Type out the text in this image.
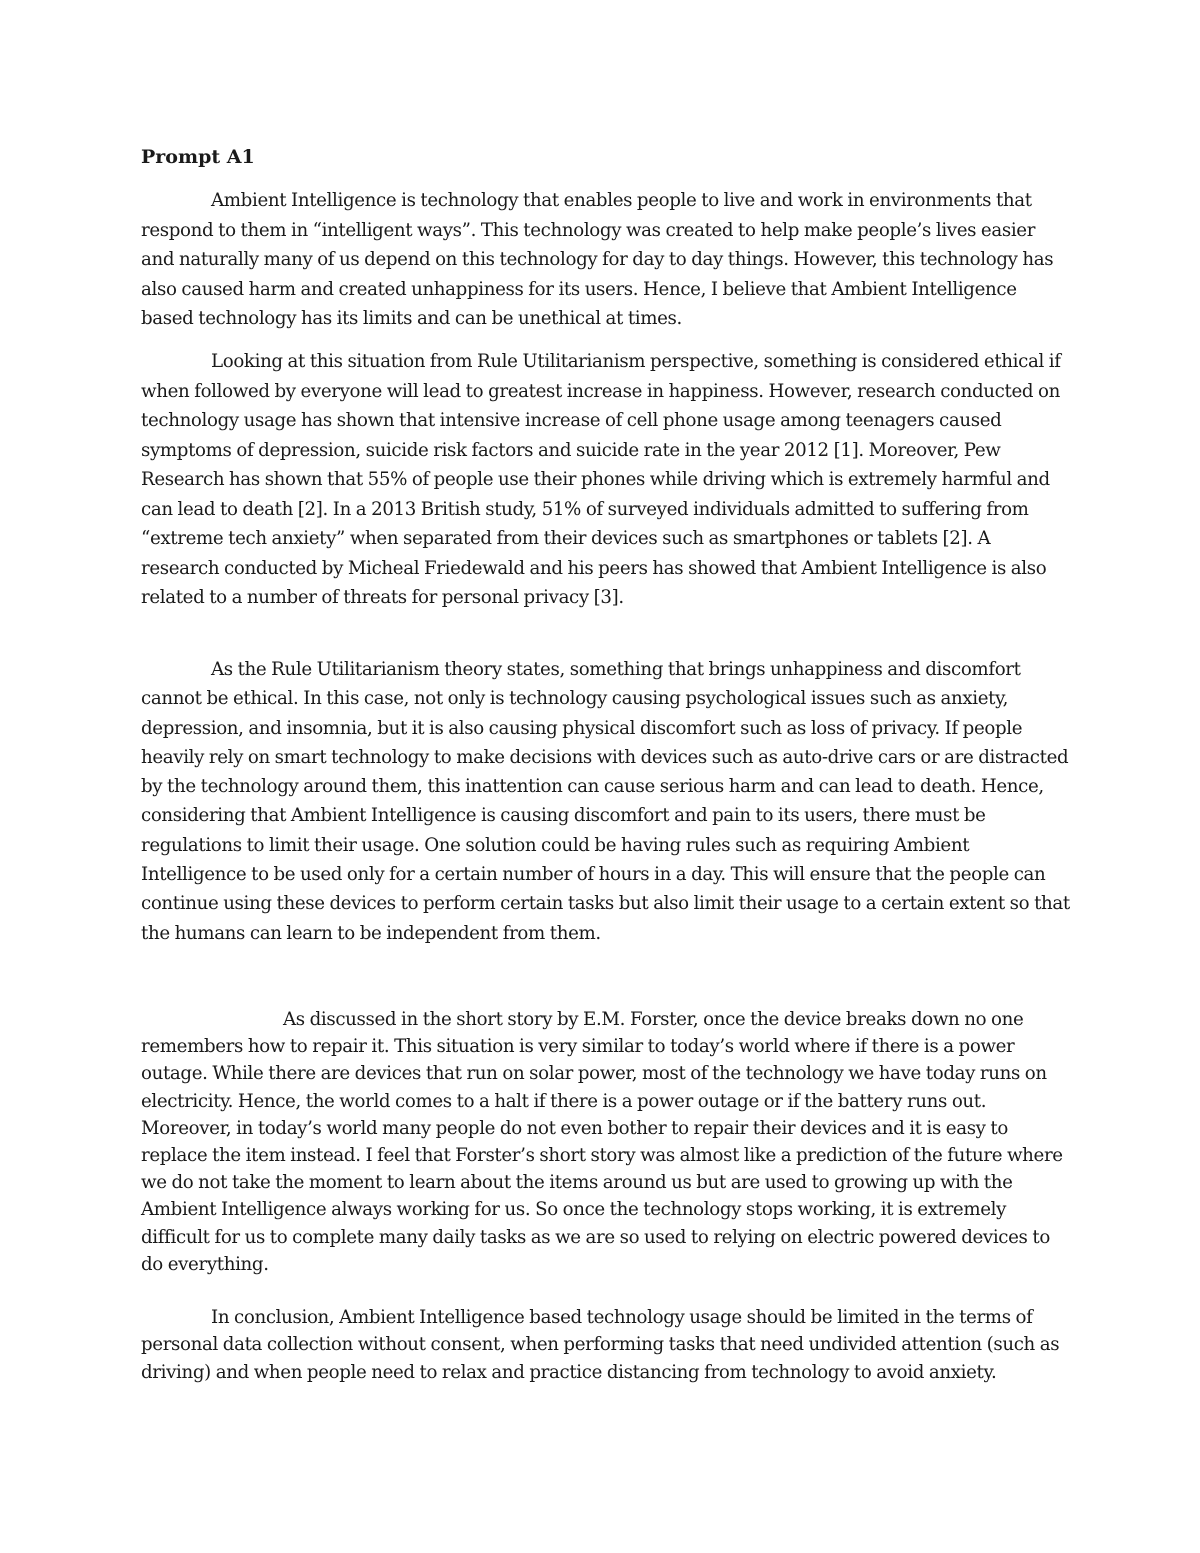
Prompt A1

Ambient Intelligence is technology that enables people to live and work in environments that respond to them in “intelligent ways”. This technology was created to help make people’s lives easier and naturally many of us depend on this technology for day to day things. However, this technology has also caused harm and created unhappiness for its users. Hence, I believe that Ambient Intelligence based technology has its limits and can be unethical at times.

Looking at this situation from Rule Utilitarianism perspective, something is considered ethical if when followed by everyone will lead to greatest increase in happiness. However, research conducted on technology usage has shown that intensive increase of cell phone usage among teenagers caused symptoms of depression, suicide risk factors and suicide rate in the year 2012 [1]. Moreover, Pew Research has shown that 55% of people use their phones while driving which is extremely harmful and can lead to death [2]. In a 2013 British study, 51% of surveyed individuals admitted to suffering from “extreme tech anxiety” when separated from their devices such as smartphones or tablets [2]. A research conducted by Micheal Friedewald and his peers has showed that Ambient Intelligence is also related to a number of threats for personal privacy [3].

As the Rule Utilitarianism theory states, something that brings unhappiness and discomfort cannot be ethical. In this case, not only is technology causing psychological issues such as anxiety, depression, and insomnia, but it is also causing physical discomfort such as loss of privacy. If people heavily rely on smart technology to make decisions with devices such as auto-drive cars or are distracted by the technology around them, this inattention can cause serious harm and can lead to death. Hence, considering that Ambient Intelligence is causing discomfort and pain to its users, there must be regulations to limit their usage. One solution could be having rules such as requiring Ambient Intelligence to be used only for a certain number of hours in a day. This will ensure that the people can continue using these devices to perform certain tasks but also limit their usage to a certain extent so that the humans can learn to be independent from them.

As discussed in the short story by E.M. Forster, once the device breaks down no one remembers how to repair it. This situation is very similar to today’s world where if there is a power outage. While there are devices that run on solar power, most of the technology we have today runs on electricity. Hence, the world comes to a halt if there is a power outage or if the battery runs out. Moreover, in today’s world many people do not even bother to repair their devices and it is easy to replace the item instead. I feel that Forster’s short story was almost like a prediction of the future where we do not take the moment to learn about the items around us but are used to growing up with the Ambient Intelligence always working for us. So once the technology stops working, it is extremely difficult for us to complete many daily tasks as we are so used to relying on electric powered devices to do everything.

In conclusion, Ambient Intelligence based technology usage should be limited in the terms of personal data collection without consent, when performing tasks that need undivided attention (such as driving) and when people need to relax and practice distancing from technology to avoid anxiety.
